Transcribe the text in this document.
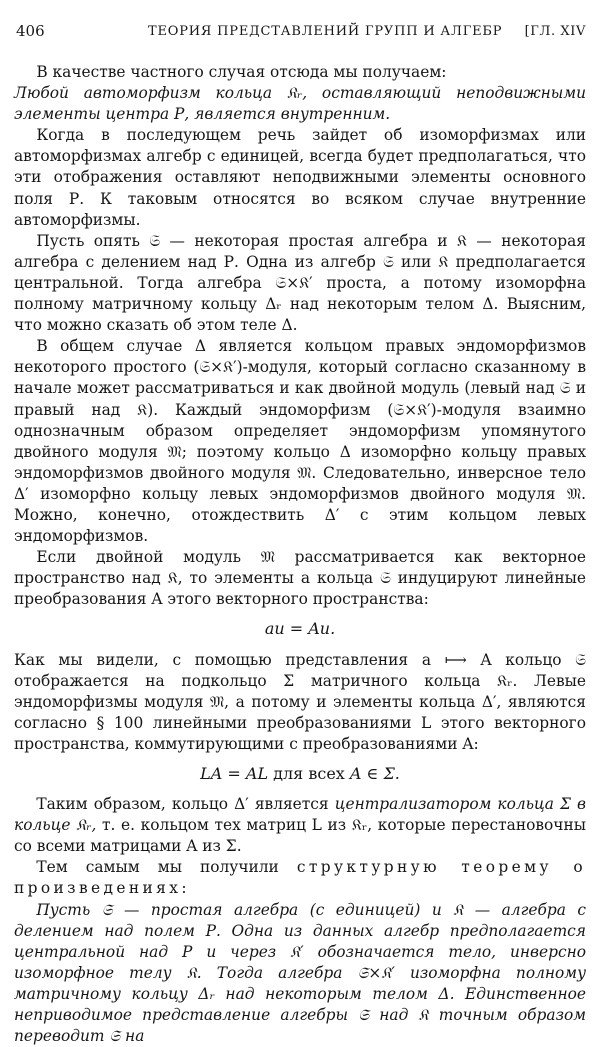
406	ТЕОРИЯ ПРЕДСТАВЛЕНИЙ ГРУПП И АЛГЕБР [ГЛ. XIV

В качестве частного случая отсюда мы получаем:

Любой автоморфизм кольца 𝔎ᵣ, оставляющий неподвижными элементы центра Р, является внутренним.

Когда в последующем речь зайдет об изоморфизмах или автоморфизмах алгебр с единицей, всегда будет предполагаться, что эти отображения оставляют неподвижными элементы основного поля Р. К таковым относятся во всяком случае внутренние автоморфизмы.

Пусть опять 𝔖 — некоторая простая алгебра и 𝔎 — некоторая алгебра с делением над Р. Одна из алгебр 𝔖 или 𝔎 предполагается центральной. Тогда алгебра 𝔖×𝔎′ проста, а потому изоморфна полному матричному кольцу Δᵣ над некоторым телом Δ. Выясним, что можно сказать об этом теле Δ.

В общем случае Δ является кольцом правых эндоморфизмов некоторого простого (𝔖×𝔎′)-модуля, который согласно сказанному в начале может рассматриваться и как двойной модуль (левый над 𝔖 и правый над 𝔎). Каждый эндоморфизм (𝔖×𝔎′)-модуля взаимно однозначным образом определяет эндоморфизм упомянутого двойного модуля 𝔐; поэтому кольцо Δ изоморфно кольцу правых эндоморфизмов двойного модуля 𝔐. Следовательно, инверсное тело Δ′ изоморфно кольцу левых эндоморфизмов двойного модуля 𝔐. Можно, конечно, отождествить Δ′ с этим кольцом левых эндоморфизмов.

Если двойной модуль 𝔐 рассматривается как векторное пространство над 𝔎, то элементы a кольца 𝔖 индуцируют линейные преобразования A этого векторного пространства:

au = Au.

Как мы видели, с помощью представления a ⟼ A кольцо 𝔖 отображается на подкольцо Σ матричного кольца 𝔎ᵣ. Левые эндоморфизмы модуля 𝔐, а потому и элементы кольца Δ′, являются согласно § 100 линейными преобразованиями L этого векторного пространства, коммутирующими с преобразованиями A:

LA = AL для всех A ∈ Σ.

Таким образом, кольцо Δ′ является централизатором кольца Σ в кольце 𝔎ᵣ, т. е. кольцом тех матриц L из 𝔎ᵣ, которые перестановочны со всеми матрицами A из Σ.

Тем самым мы получили структурную теорему о произведениях:

Пусть 𝔖 — простая алгебра (с единицей) и 𝔎 — алгебра с делением над полем Р. Одна из данных алгебр предполагается центральной над Р и через 𝔎′ обозначается тело, инверсно изоморфное телу 𝔎. Тогда алгебра 𝔖×𝔎′ изоморфна полному матричному кольцу Δᵣ над некоторым телом Δ. Единственное неприводимое представление алгебры 𝔖 над 𝔎 точным образом переводит 𝔖 на
